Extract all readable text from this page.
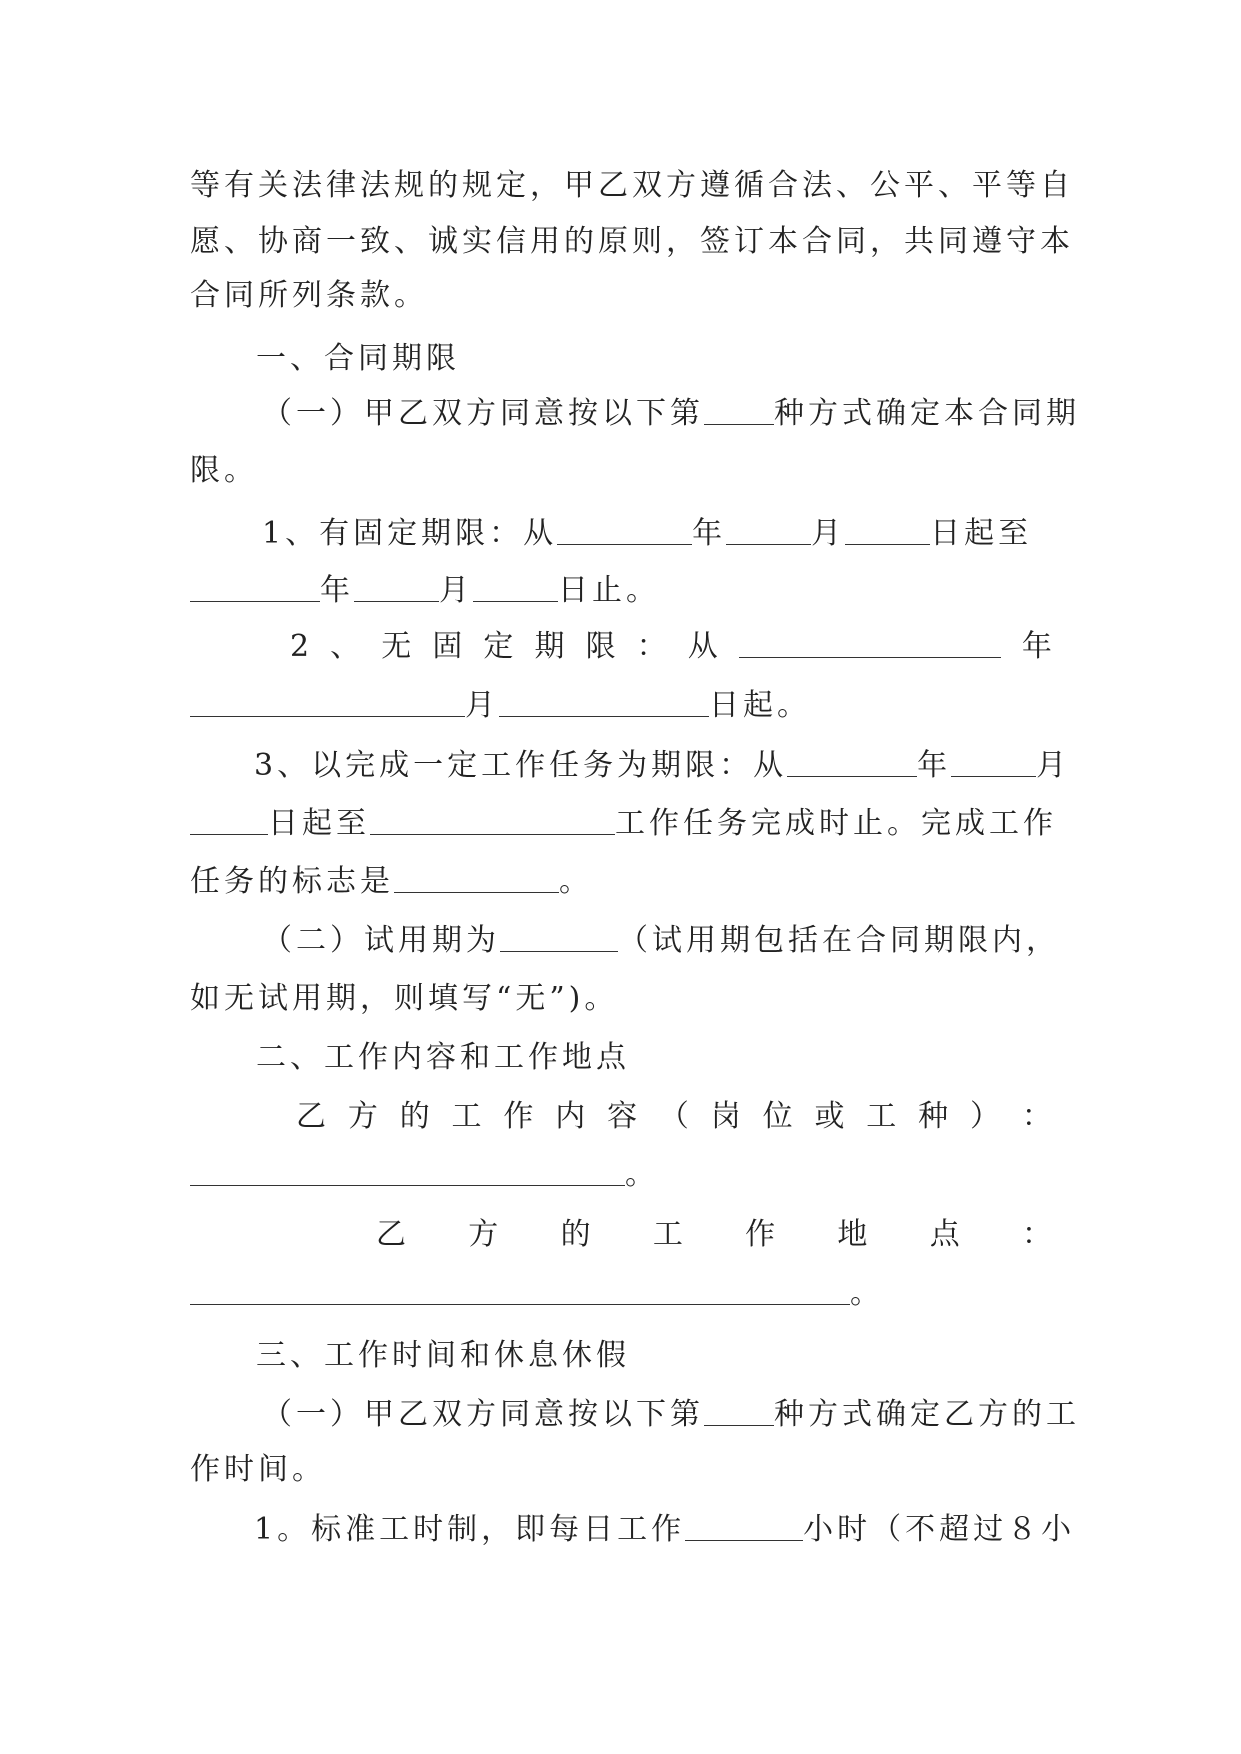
等有关法律法规的规定，甲乙双方遵循合法、公平、平等自
愿、协商一致、诚实信用的原则，签订本合同，共同遵守本
合同所列条款。
一、合同期限
（一）甲乙双方同意按以下第 种方式确定本合同期
限。
1、有固定期限：从	年	月	日起至
年	月	日止。
2 、 无 固 定 期 限 ： 从	年
月	日起。
3、以完成一定工作任务为期限：从	年	月
日起至	工作任务完成时止。完成工作
任务的标志是	。
（二）试用期为	（试用期包括在合同期限内，
如无试用期，则填写“无”)。
二、工作内容和工作地点
乙 方 的 工 作 内 容 （ 岗 位 或 工 种 ） ：
。
乙 方 的 工 作 地 点 ：
。
三、工作时间和休息休假
（一）甲乙双方同意按以下第 种方式确定乙方的工
作时间。
1。标准工时制，即每日工作	小时（不超过８小
